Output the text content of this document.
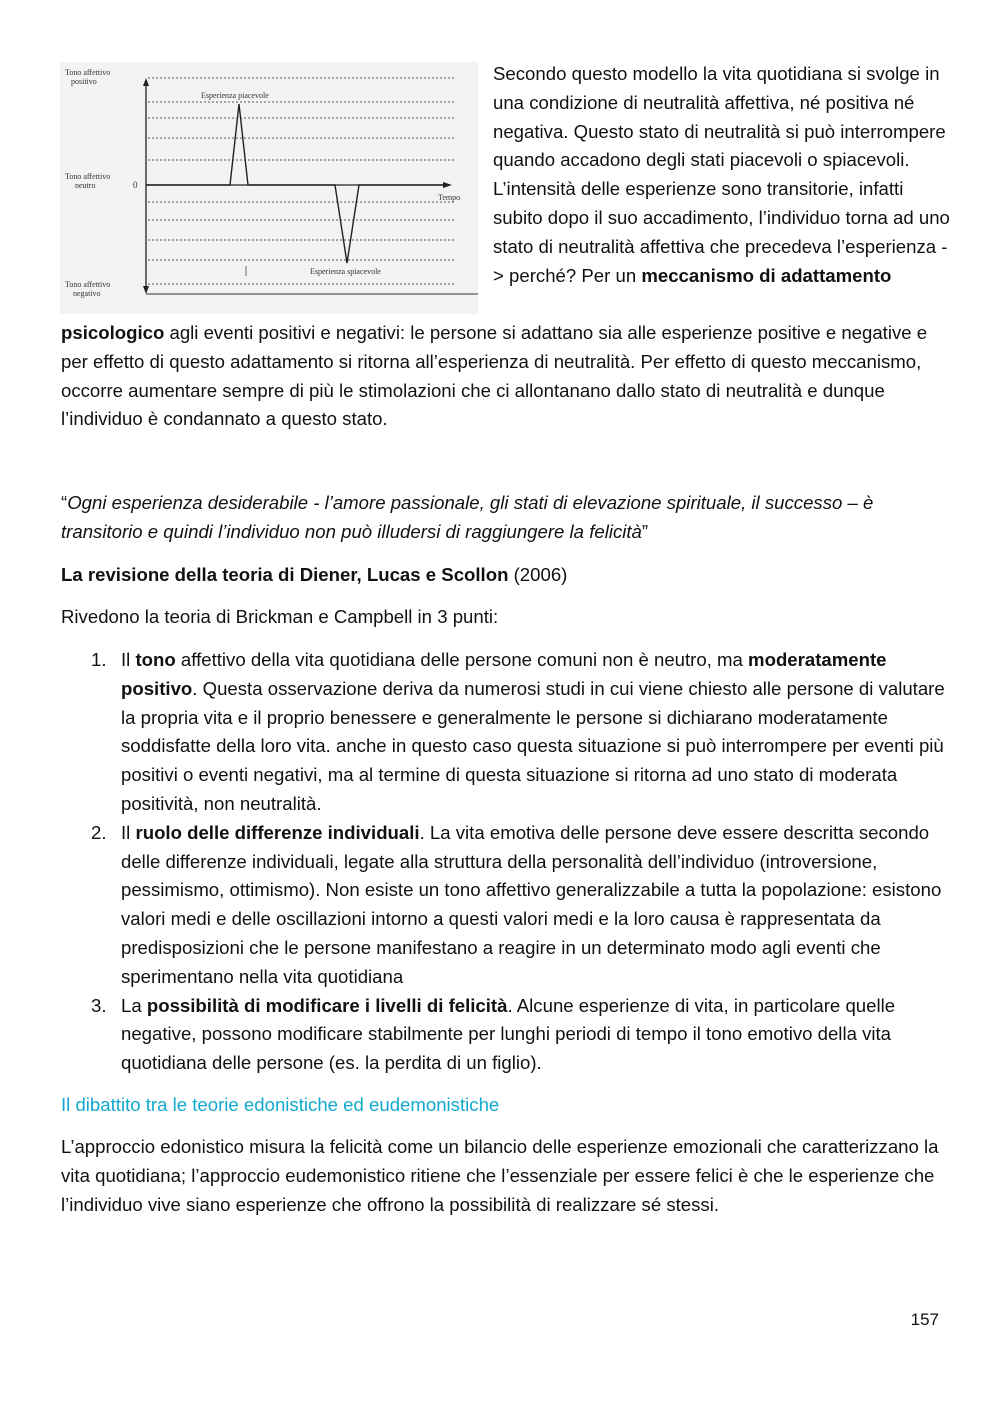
Tono affettivo
positivo
Tono affettivo
neutro
Tono affettivo
negativo
0
Tempo
Esperienza piacevole
Esperienza spiacevole

Secondo questo modello la vita quotidiana si svolge in una condizione di neutralità affettiva, né positiva né negativa. Questo stato di neutralità si può interrompere quando accadono degli stati piacevoli o spiacevoli. L’intensità delle esperienze sono transitorie, infatti subito dopo il suo accadimento, l’individuo torna ad uno stato di neutralità affettiva che precedeva l’esperienza -> perché? Per un meccanismo di adattamento

psicologico agli eventi positivi e negativi: le persone si adattano sia alle esperienze positive e negative e per effetto di questo adattamento si ritorna all’esperienza di neutralità. Per effetto di questo meccanismo, occorre aumentare sempre di più le stimolazioni che ci allontanano dallo stato di neutralità e dunque l’individuo è condannato a questo stato.

“Ogni esperienza desiderabile - l’amore passionale, gli stati di elevazione spirituale, il successo – è transitorio e quindi l’individuo non può illudersi di raggiungere la felicità”

La revisione della teoria di Diener, Lucas e Scollon (2006)

Rivedono la teoria di Brickman e Campbell in 3 punti:

1. Il tono affettivo della vita quotidiana delle persone comuni non è neutro, ma moderatamente positivo. Questa osservazione deriva da numerosi studi in cui viene chiesto alle persone di valutare la propria vita e il proprio benessere e generalmente le persone si dichiarano moderatamente soddisfatte della loro vita. anche in questo caso questa situazione si può interrompere per eventi più positivi o eventi negativi, ma al termine di questa situazione si ritorna ad uno stato di moderata positività, non neutralità.
2. Il ruolo delle differenze individuali. La vita emotiva delle persone deve essere descritta secondo delle differenze individuali, legate alla struttura della personalità dell’individuo (introversione, pessimismo, ottimismo). Non esiste un tono affettivo generalizzabile a tutta la popolazione: esistono valori medi e delle oscillazioni intorno a questi valori medi e la loro causa è rappresentata da predisposizioni che le persone manifestano a reagire in un determinato modo agli eventi che sperimentano nella vita quotidiana
3. La possibilità di modificare i livelli di felicità. Alcune esperienze di vita, in particolare quelle negative, possono modificare stabilmente per lunghi periodi di tempo il tono emotivo della vita quotidiana delle persone (es. la perdita di un figlio).

Il dibattito tra le teorie edonistiche ed eudemonistiche

L’approccio edonistico misura la felicità come un bilancio delle esperienze emozionali che caratterizzano la vita quotidiana; l’approccio eudemonistico ritiene che l’essenziale per essere felici è che le esperienze che l’individuo vive siano esperienze che offrono la possibilità di realizzare sé stessi.

157
